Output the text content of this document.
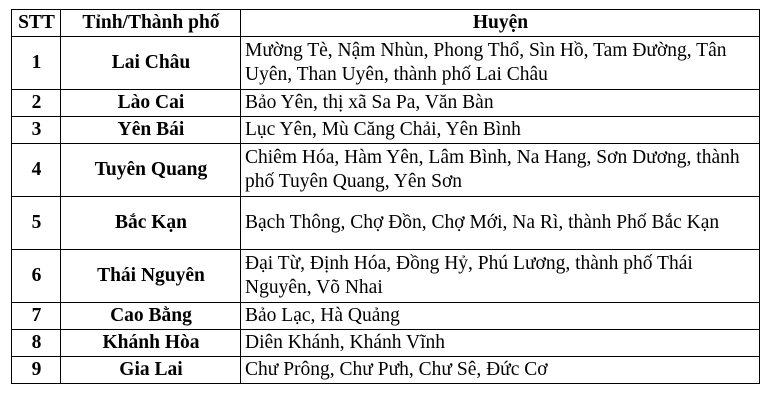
STT	Tỉnh/Thành phố	Huyện
1	Lai Châu	Mường Tè, Nậm Nhùn, Phong Thổ, Sìn Hồ, Tam Đường, Tân Uyên, Than Uyên, thành phố Lai Châu
2	Lào Cai	Bảo Yên, thị xã Sa Pa, Văn Bàn
3	Yên Bái	Lục Yên, Mù Căng Chải, Yên Bình
4	Tuyên Quang	Chiêm Hóa, Hàm Yên, Lâm Bình, Na Hang, Sơn Dương, thành phố Tuyên Quang, Yên Sơn
5	Bắc Kạn	Bạch Thông, Chợ Đồn, Chợ Mới, Na Rì, thành Phố Bắc Kạn
6	Thái Nguyên	Đại Từ, Định Hóa, Đồng Hỷ, Phú Lương, thành phố Thái Nguyên, Võ Nhai
7	Cao Bằng	Bảo Lạc, Hà Quảng
8	Khánh Hòa	Diên Khánh, Khánh Vĩnh
9	Gia Lai	Chư Prông, Chư Pưh, Chư Sê, Đức Cơ
